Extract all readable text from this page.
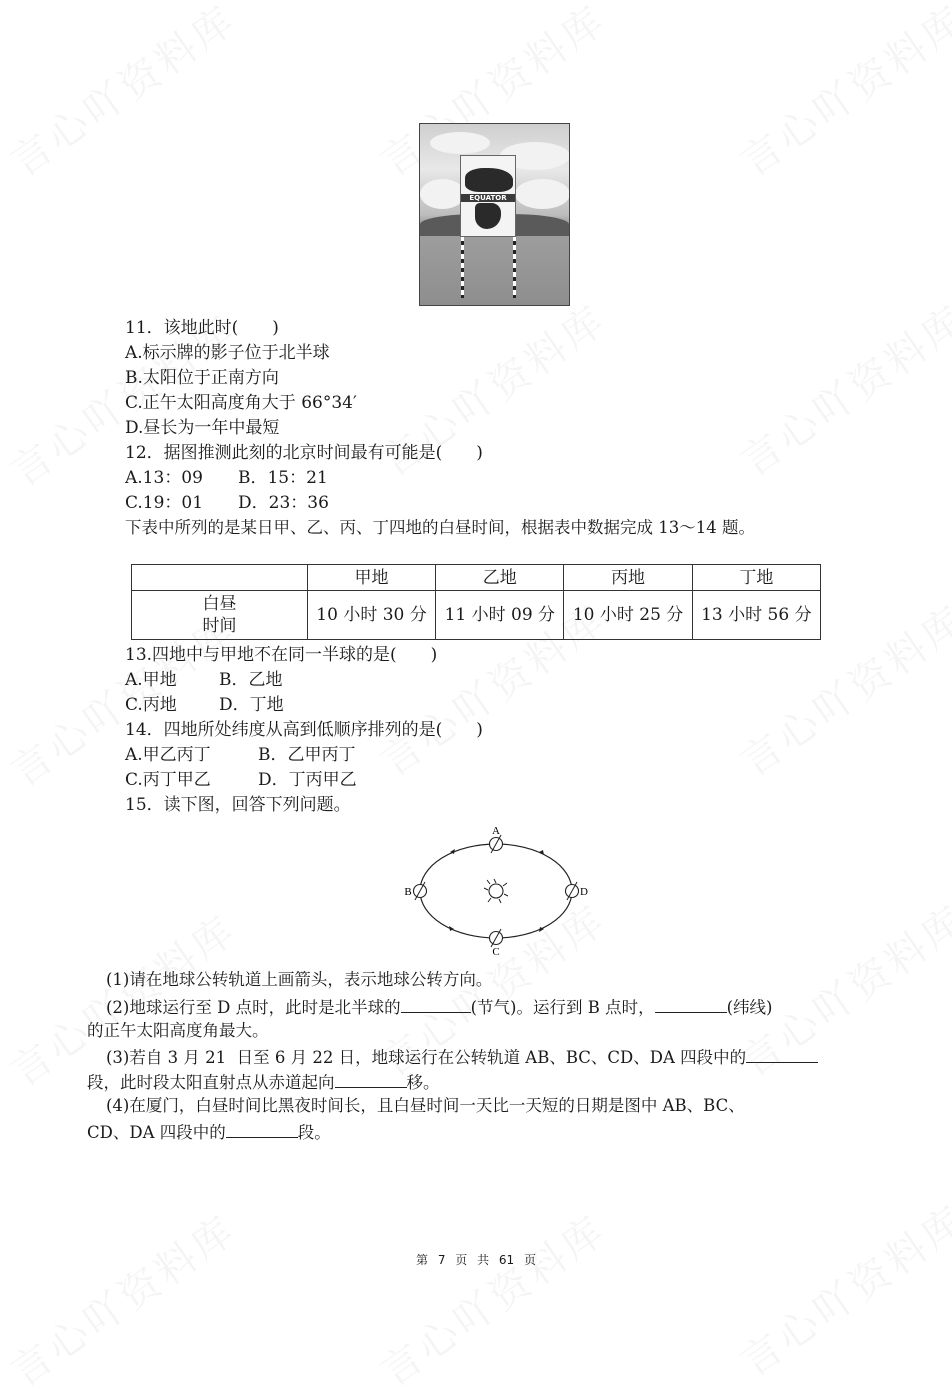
EQUATOR
11．该地此时(　　)
A.标示牌的影子位于北半球
B.太阳位于正南方向
C.正午太阳高度角大于 66°34′
D.昼长为一年中最短
12．据图推测此刻的北京时间最有可能是(　　)
A.13：09 B．15：21
C.19：01 D．23：36
下表中所列的是某日甲、乙、丙、丁四地的白昼时间，根据表中数据完成 13～14 题。
	甲地	乙地	丙地	丁地

白昼
时间	10 小时 30 分	11 小时 09 分	10 小时 25 分	13 小时 56 分
13.四地中与甲地不在同一半球的是(　　)
A.甲地 B．乙地
C.丙地 D．丁地
14．四地所处纬度从高到低顺序排列的是(　　)
A.甲乙丙丁	B．乙甲丙丁
C.丙丁甲乙	D．丁丙甲乙
15．读下图，回答下列问题。
A
B
C
D
(1)请在地球公转轨道上画箭头，表示地球公转方向。
(2)地球运行至 D 点时，此时是北半球的	(节气)。运行到 B 点时，	(纬线)
的正午太阳高度角最大。
(3)若自 3 月 21  日至 6 月 22 日，地球运行在公转轨道 AB、BC、CD、DA 四段中的
段，此时段太阳直射点从赤道起向	移。
(4)在厦门，白昼时间比黑夜时间长，且白昼时间一天比一天短的日期是图中 AB、BC、
CD、DA 四段中的	段。
第 7 页 共 61 页
